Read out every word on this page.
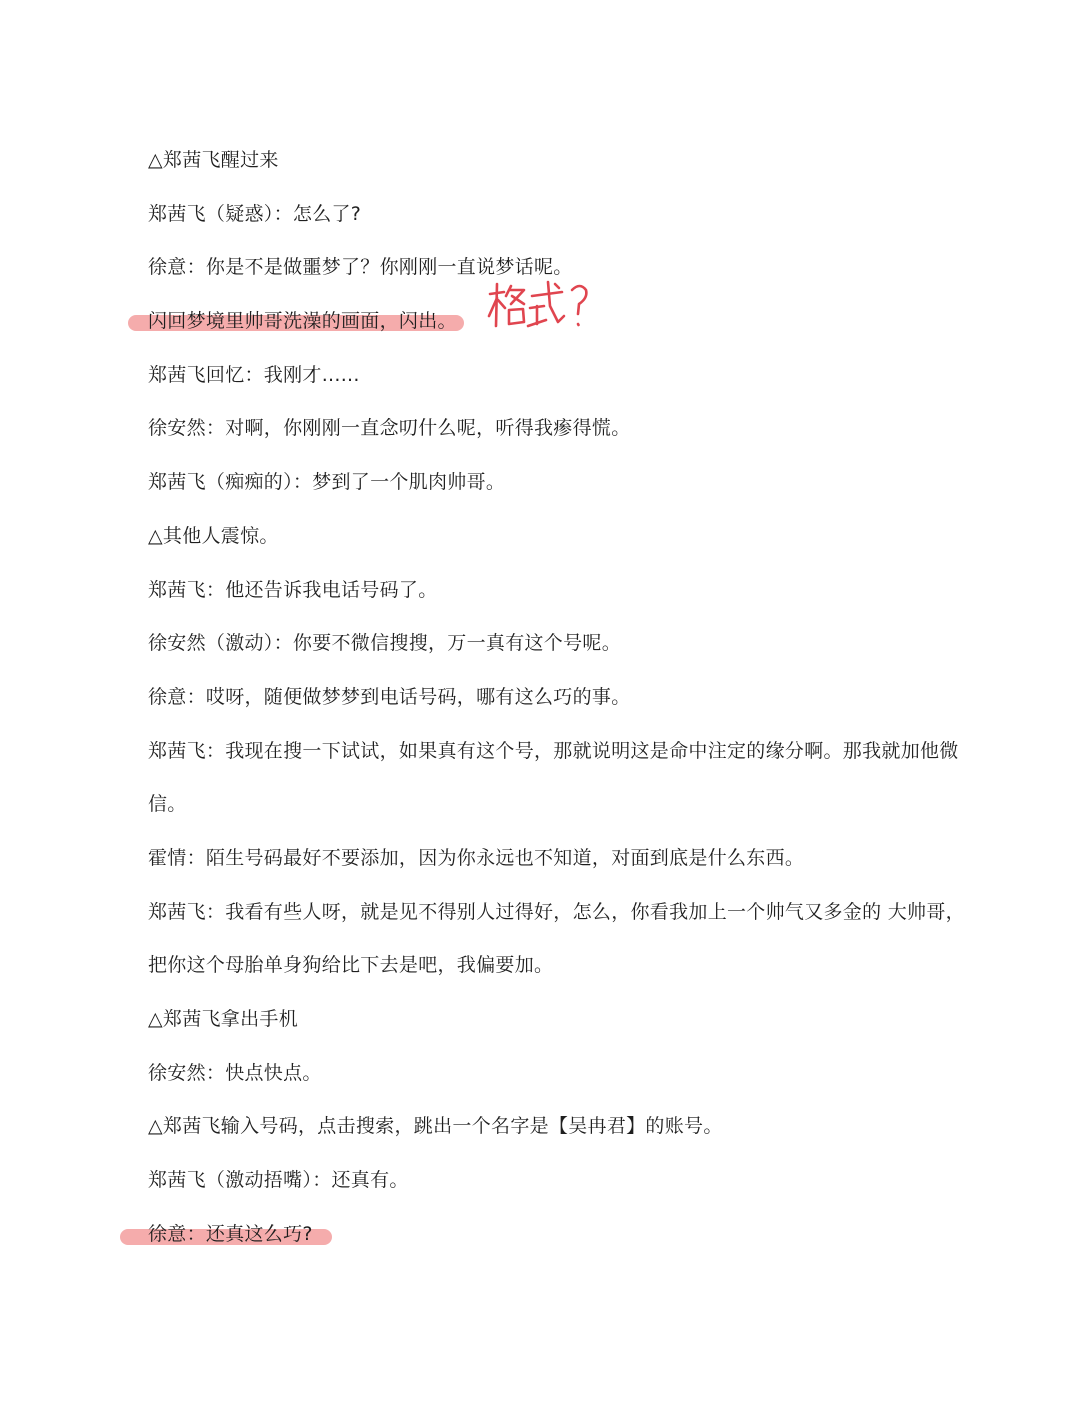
△郑茜飞醒过来
郑茜飞（疑惑）：怎么了?
徐意：你是不是做噩梦了？你刚刚一直说梦话呢。
闪回梦境里帅哥洗澡的画面，闪出。
郑茜飞回忆：我刚才......
徐安然：对啊，你刚刚一直念叨什么呢，听得我瘆得慌。
郑茜飞（痴痴的）：梦到了一个肌肉帅哥。
△其他人震惊。
郑茜飞：他还告诉我电话号码了。
徐安然（激动）：你要不微信搜搜，万一真有这个号呢。
徐意：哎呀，随便做梦梦到电话号码，哪有这么巧的事。
郑茜飞：我现在搜一下试试，如果真有这个号，那就说明这是命中注定的缘分啊。那我就加他微信。
霍情：陌生号码最好不要添加，因为你永远也不知道，对面到底是什么东西。
郑茜飞：我看有些人呀，就是见不得别人过得好，怎么，你看我加上一个帅气又多金的 大帅哥，把你这个母胎单身狗给比下去是吧，我偏要加。
△郑茜飞拿出手机
徐安然：快点快点。
△郑茜飞输入号码，点击搜索，跳出一个名字是【吴冉君】的账号。
郑茜飞（激动捂嘴）：还真有。
徐意：还真这么巧?
